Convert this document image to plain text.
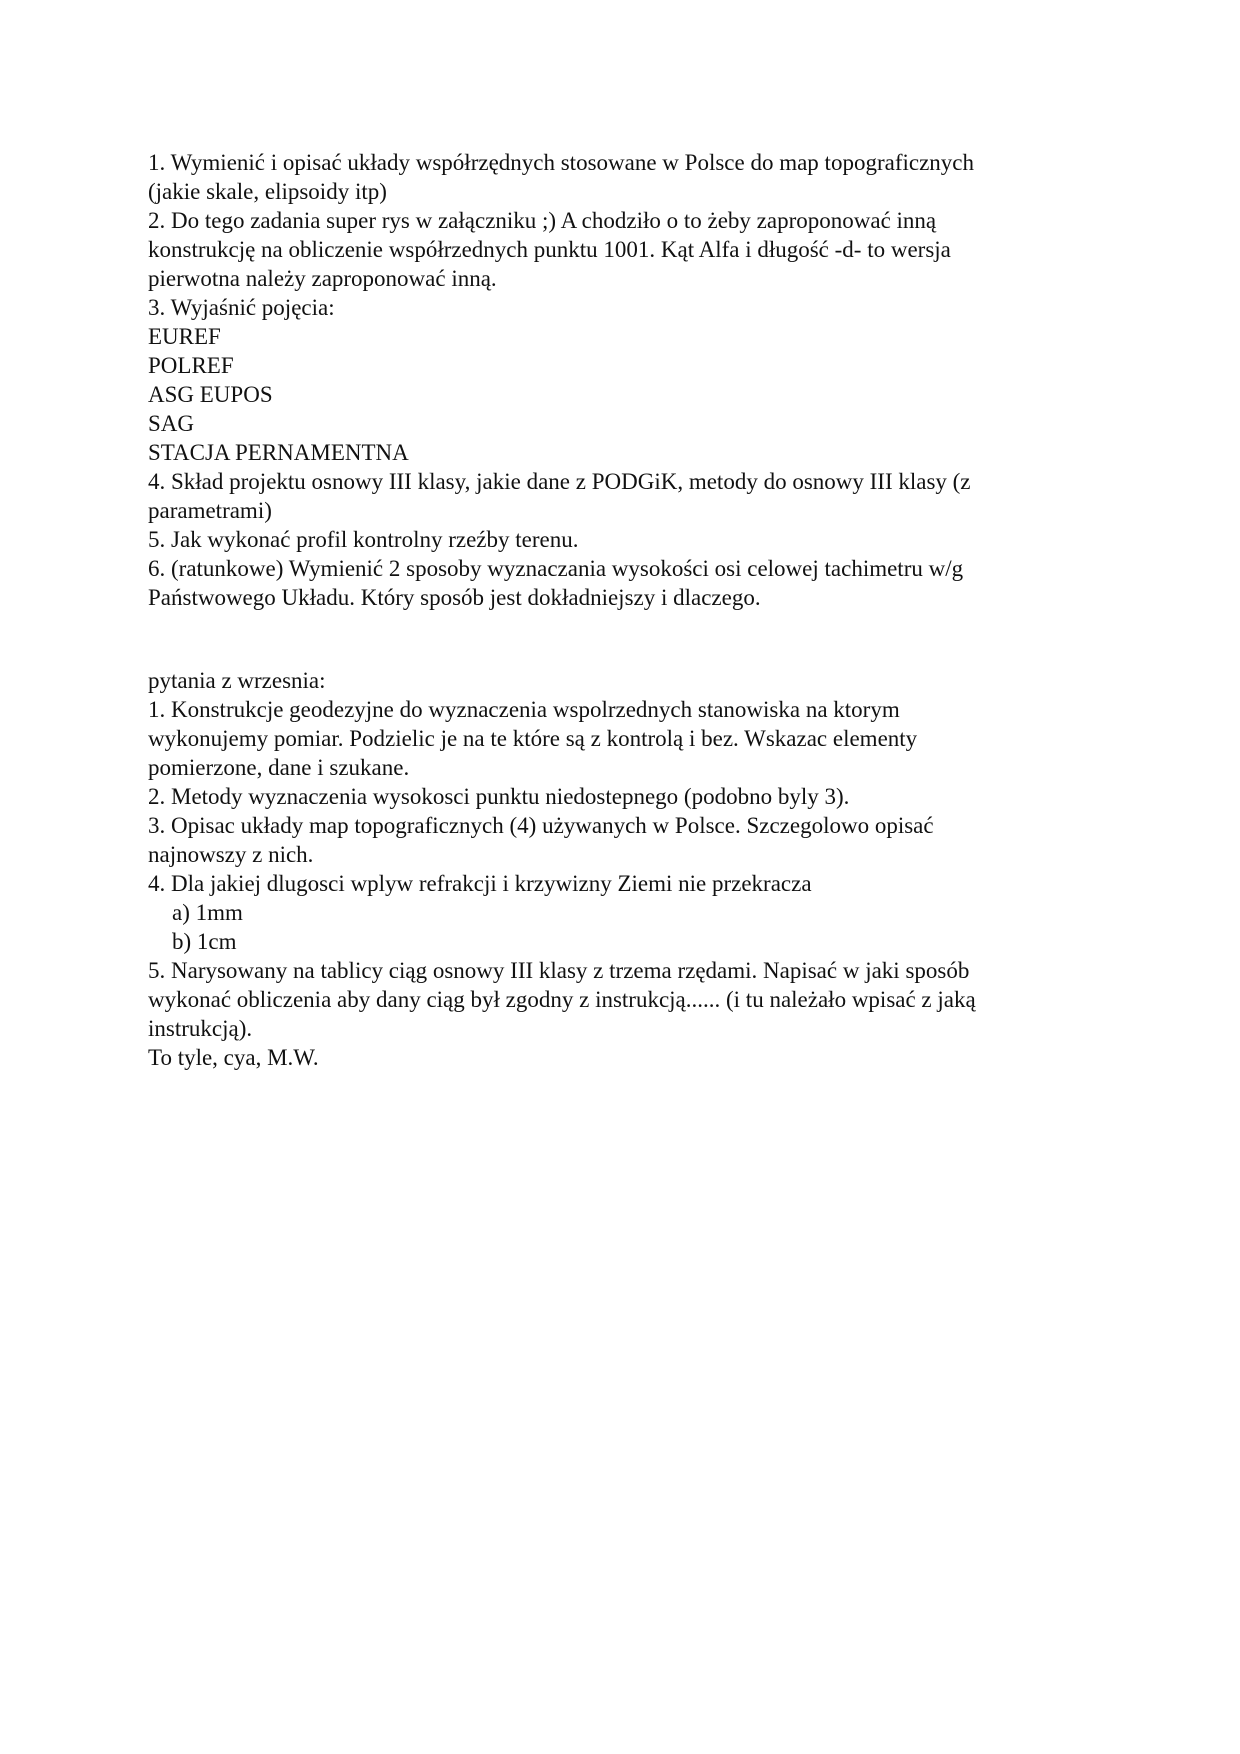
1. Wymienić i opisać układy współrzędnych stosowane w Polsce do map topograficznych
(jakie skale, elipsoidy itp)
2. Do tego zadania super rys w załączniku ;) A chodziło o to żeby zaproponować inną
konstrukcję na obliczenie współrzednych punktu 1001. Kąt Alfa i długość -d- to wersja
pierwotna należy zaproponować inną.
3. Wyjaśnić pojęcia:
EUREF
POLREF
ASG EUPOS
SAG
STACJA PERNAMENTNA
4. Skład projektu osnowy III klasy, jakie dane z PODGiK, metody do osnowy III klasy (z
parametrami)
5. Jak wykonać profil kontrolny rzeźby terenu.
6. (ratunkowe) Wymienić 2 sposoby wyznaczania wysokości osi celowej tachimetru w/g
Państwowego Układu. Który sposób jest dokładniejszy i dlaczego.
pytania z wrzesnia:
1. Konstrukcje geodezyjne do wyznaczenia wspolrzednych stanowiska na ktorym
wykonujemy pomiar. Podzielic je na te które są z kontrolą i bez. Wskazac elementy
pomierzone, dane i szukane.
2. Metody wyznaczenia wysokosci punktu niedostepnego (podobno byly 3).
3. Opisac układy map topograficznych (4) używanych w Polsce. Szczegolowo opisać
najnowszy z nich.
4. Dla jakiej dlugosci wplyw refrakcji i krzywizny Ziemi nie przekracza
a) 1mm
b) 1cm
5. Narysowany na tablicy ciąg osnowy III klasy z trzema rzędami. Napisać w jaki sposób
wykonać obliczenia aby dany ciąg był zgodny z instrukcją...... (i tu należało wpisać z jaką
instrukcją).
To tyle, cya, M.W.
